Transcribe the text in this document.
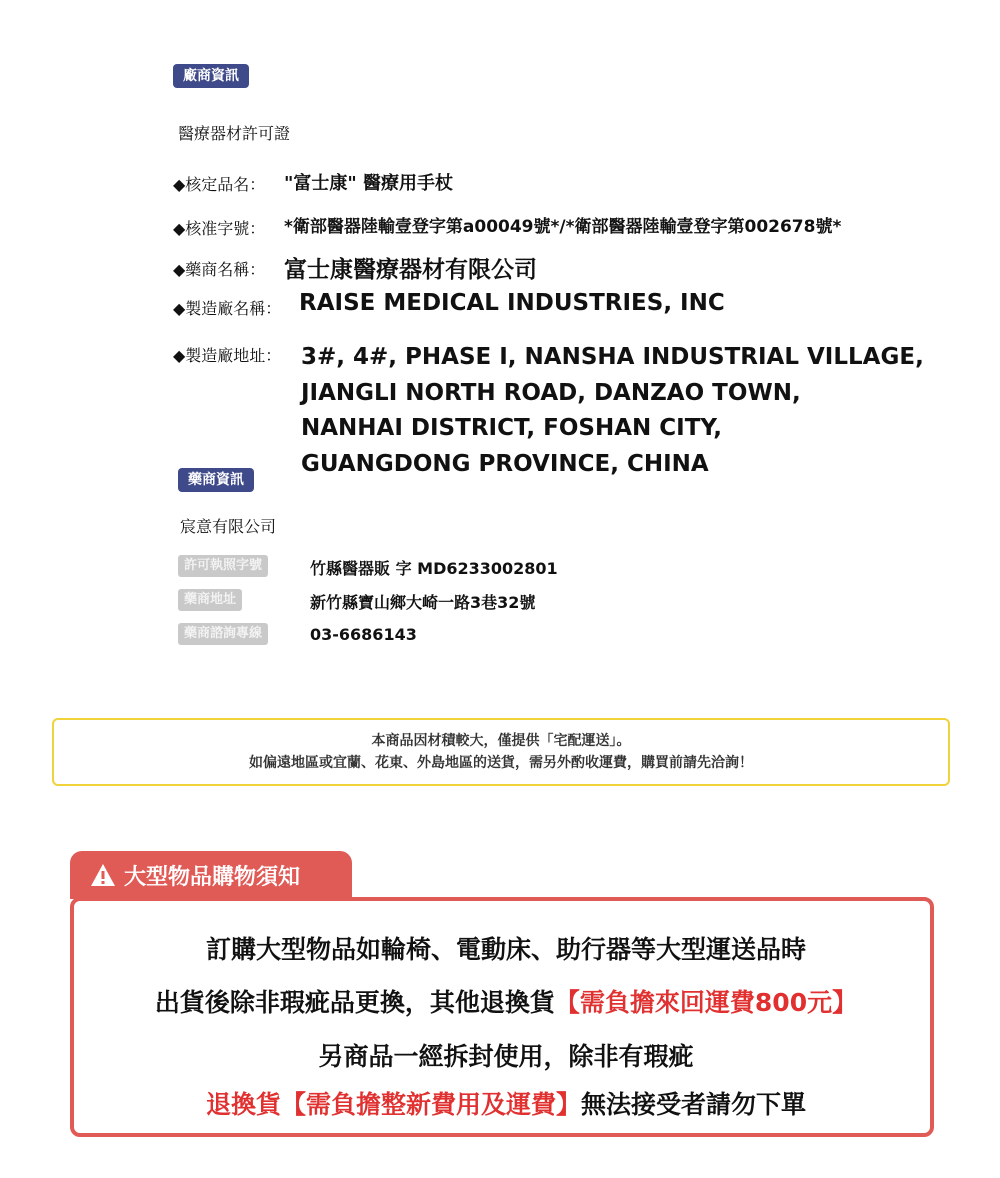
廠商資訊
醫療器材許可證
◆核定品名： "富士康" 醫療用手杖
◆核准字號： *衛部醫器陸輸壹登字第a00049號*/*衛部醫器陸輸壹登字第002678號*
◆藥商名稱： 富士康醫療器材有限公司
◆製造廠名稱： RAISE MEDICAL INDUSTRIES, INC
◆製造廠地址： 3#, 4#, PHASE I, NANSHA INDUSTRIAL VILLAGE,
JIANGLI NORTH ROAD, DANZAO TOWN,
NANHAI DISTRICT, FOSHAN CITY,
GUANGDONG PROVINCE, CHINA
藥商資訊
宸意有限公司
許可執照字號	竹縣醫器販 字 MD6233002801
藥商地址	新竹縣寶山鄉大崎一路3巷32號
藥商諮詢專線	03-6686143
本商品因材積較大，僅提供「宅配運送」。
如偏遠地區或宜蘭、花東、外島地區的送貨，需另外酌收運費，購買前請先洽詢！
訂購大型物品如輪椅、電動床、助行器等大型運送品時
出貨後除非瑕疵品更換，其他退換貨【需負擔來回運費800元】
另商品一經拆封使用，除非有瑕疵
退換貨【需負擔整新費用及運費】無法接受者請勿下單
大型物品購物須知
